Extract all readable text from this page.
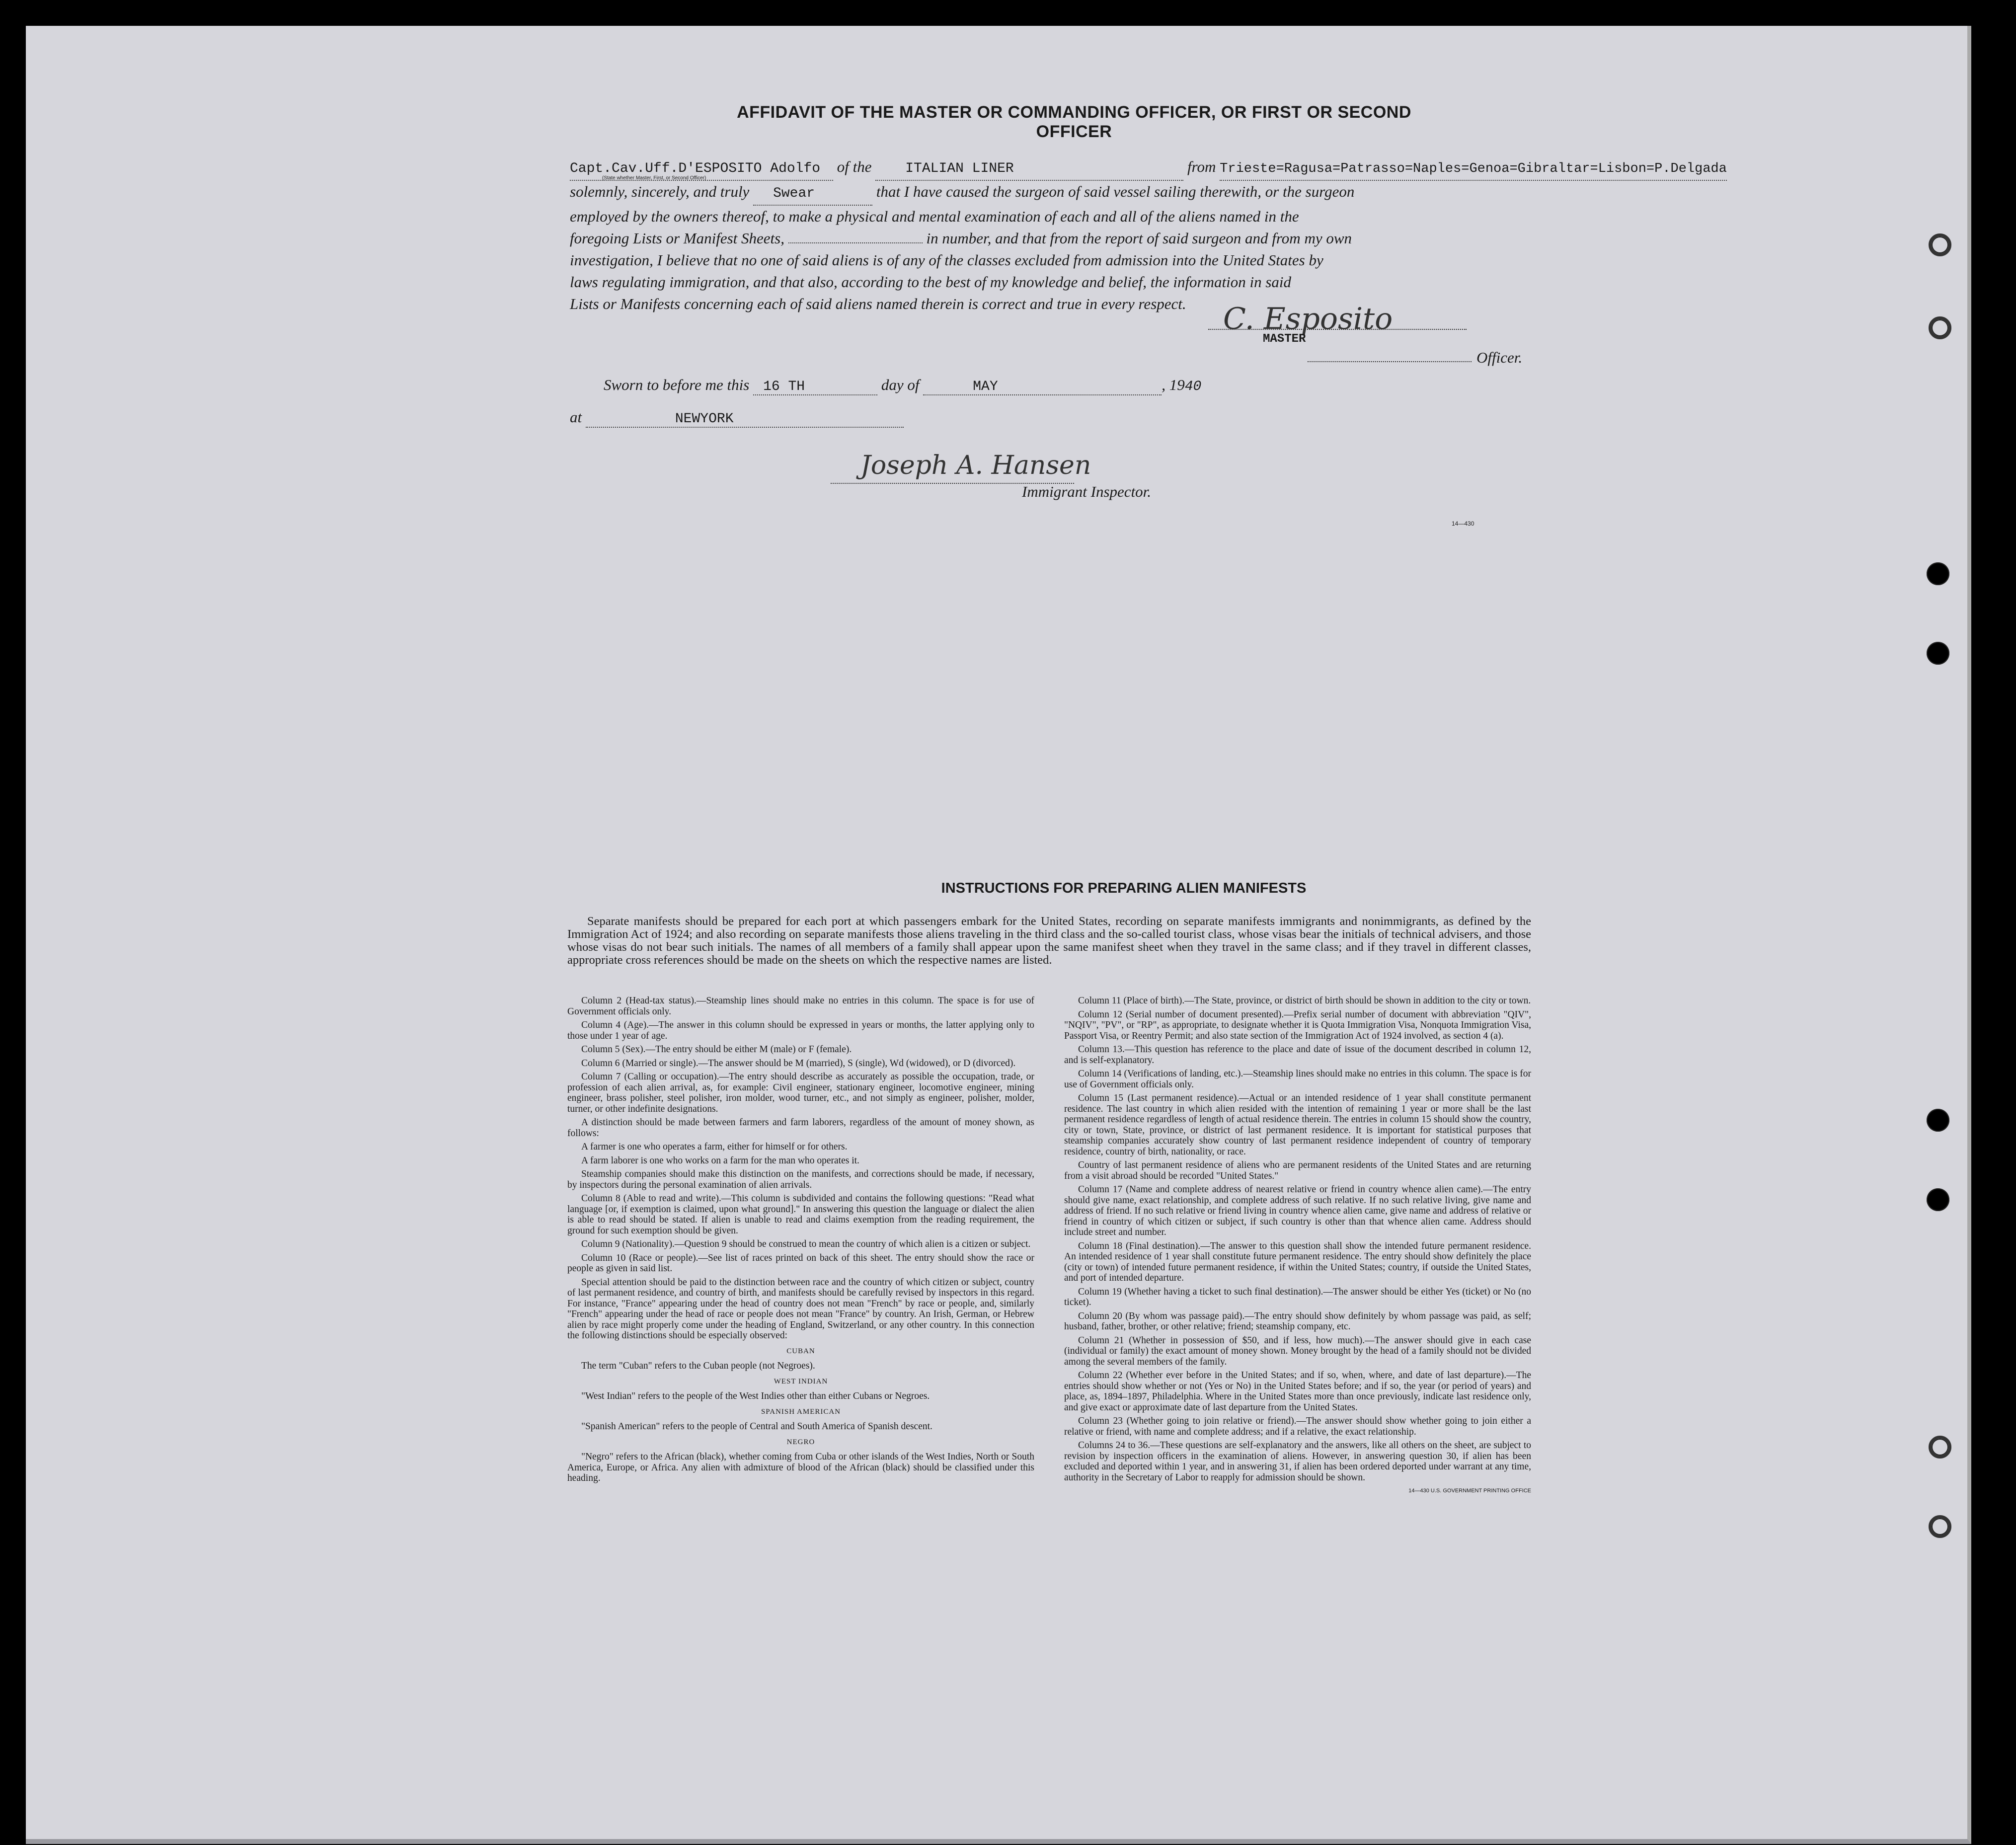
AFFIDAVIT OF THE MASTER OR COMMANDING OFFICER, OR FIRST OR SECOND OFFICER
Capt.Cav.Uff.D'ESPOSITO Adolfo of the ITALIAN LINER	from Trieste=Ragusa=Patrasso=Naples=Genoa=Gibraltar=Lisbon=P.Delgada
solemnly, sincerely, and truly Swear	that I have caused the surgeon of said vessel sailing therewith, or the surgeon
employed by the owners thereof, to make a physical and mental examination of each and all of the aliens named in the
foregoing Lists or Manifest Sheets,	in number, and that from the report of said surgeon and from my own
investigation, I believe that no one of said aliens is of any of the classes excluded from admission into the United States by
laws regulating immigration, and that also, according to the best of my knowledge and belief, the information in said
Lists or Manifests concerning each of said aliens named therein is correct and true in every respect.
(State whether Master, First, or Second Officer)
C. Esposito
MASTER
Officer.
Sworn to before me this 16 TH	day of	MAY	, 1940
at	NEWYORK
Joseph A. Hansen
Immigrant Inspector.
14—430
INSTRUCTIONS FOR PREPARING ALIEN MANIFESTS
Separate manifests should be prepared for each port at which passengers embark for the United States, recording on separate manifests immigrants and nonimmigrants, as defined by the Immigration Act of 1924; and also recording on separate manifests those aliens traveling in the third class and the so-called tourist class, whose visas bear the initials of technical advisers, and those whose visas do not bear such initials. The names of all members of a family shall appear upon the same manifest sheet when they travel in the same class; and if they travel in different classes, appropriate cross references should be made on the sheets on which the respective names are listed.

Column 2 (Head-tax status).—Steamship lines should make no entries in this column. The space is for use of Government officials only.

Column 4 (Age).—The answer in this column should be expressed in years or months, the latter applying only to those under 1 year of age.

Column 5 (Sex).—The entry should be either M (male) or F (female).

Column 6 (Married or single).—The answer should be M (married), S (single), Wd (widowed), or D (divorced).

Column 7 (Calling or occupation).—The entry should describe as accurately as possible the occupation, trade, or profession of each alien arrival, as, for example: Civil engineer, stationary engineer, locomotive engineer, mining engineer, brass polisher, steel polisher, iron molder, wood turner, etc., and not simply as engineer, polisher, molder, turner, or other indefinite designations.

A distinction should be made between farmers and farm laborers, regardless of the amount of money shown, as follows:

A farmer is one who operates a farm, either for himself or for others.

A farm laborer is one who works on a farm for the man who operates it.

Steamship companies should make this distinction on the manifests, and corrections should be made, if necessary, by inspectors during the personal examination of alien arrivals.

Column 8 (Able to read and write).—This column is subdivided and contains the following questions: "Read what language [or, if exemption is claimed, upon what ground]." In answering this question the language or dialect the alien is able to read should be stated. If alien is unable to read and claims exemption from the reading requirement, the ground for such exemption should be given.

Column 9 (Nationality).—Question 9 should be construed to mean the country of which alien is a citizen or subject.

Column 10 (Race or people).—See list of races printed on back of this sheet. The entry should show the race or people as given in said list.

Special attention should be paid to the distinction between race and the country of which citizen or subject, country of last permanent residence, and country of birth, and manifests should be carefully revised by inspectors in this regard. For instance, "France" appearing under the head of country does not mean "French" by race or people, and, similarly "French" appearing under the head of race or people does not mean "France" by country. An Irish, German, or Hebrew alien by race might properly come under the heading of England, Switzerland, or any other country. In this connection the following distinctions should be especially observed:

CUBAN

The term "Cuban" refers to the Cuban people (not Negroes).

WEST INDIAN

"West Indian" refers to the people of the West Indies other than either Cubans or Negroes.

SPANISH AMERICAN

"Spanish American" refers to the people of Central and South America of Spanish descent.

NEGRO

"Negro" refers to the African (black), whether coming from Cuba or other islands of the West Indies, North or South America, Europe, or Africa. Any alien with admixture of blood of the African (black) should be classified under this heading.

Column 11 (Place of birth).—The State, province, or district of birth should be shown in addition to the city or town.

Column 12 (Serial number of document presented).—Prefix serial number of document with abbreviation "QIV", "NQIV", "PV", or "RP", as appropriate, to designate whether it is Quota Immigration Visa, Nonquota Immigration Visa, Passport Visa, or Reentry Permit; and also state section of the Immigration Act of 1924 involved, as section 4 (a).

Column 13.—This question has reference to the place and date of issue of the document described in column 12, and is self-explanatory.

Column 14 (Verifications of landing, etc.).—Steamship lines should make no entries in this column. The space is for use of Government officials only.

Column 15 (Last permanent residence).—Actual or an intended residence of 1 year shall constitute permanent residence. The last country in which alien resided with the intention of remaining 1 year or more shall be the last permanent residence regardless of length of actual residence therein. The entries in column 15 should show the country, city or town, State, province, or district of last permanent residence. It is important for statistical purposes that steamship companies accurately show country of last permanent residence independent of country of temporary residence, country of birth, nationality, or race.

Country of last permanent residence of aliens who are permanent residents of the United States and are returning from a visit abroad should be recorded "United States."

Column 17 (Name and complete address of nearest relative or friend in country whence alien came).—The entry should give name, exact relationship, and complete address of such relative. If no such relative living, give name and address of friend. If no such relative or friend living in country whence alien came, give name and address of relative or friend in country of which citizen or subject, if such country is other than that whence alien came. Address should include street and number.

Column 18 (Final destination).—The answer to this question shall show the intended future permanent residence. An intended residence of 1 year shall constitute future permanent residence. The entry should show definitely the place (city or town) of intended future permanent residence, if within the United States; country, if outside the United States, and port of intended departure.

Column 19 (Whether having a ticket to such final destination).—The answer should be either Yes (ticket) or No (no ticket).

Column 20 (By whom was passage paid).—The entry should show definitely by whom passage was paid, as self; husband, father, brother, or other relative; friend; steamship company, etc.

Column 21 (Whether in possession of $50, and if less, how much).—The answer should give in each case (individual or family) the exact amount of money shown. Money brought by the head of a family should not be divided among the several members of the family.

Column 22 (Whether ever before in the United States; and if so, when, where, and date of last departure).—The entries should show whether or not (Yes or No) in the United States before; and if so, the year (or period of years) and place, as, 1894–1897, Philadelphia. Where in the United States more than once previously, indicate last residence only, and give exact or approximate date of last departure from the United States.

Column 23 (Whether going to join relative or friend).—The answer should show whether going to join either a relative or friend, with name and complete address; and if a relative, the exact relationship.

Columns 24 to 36.—These questions are self-explanatory and the answers, like all others on the sheet, are subject to revision by inspection officers in the examination of aliens. However, in answering question 30, if alien has been excluded and deported within 1 year, and in answering 31, if alien has been ordered deported under warrant at any time, authority in the Secretary of Labor to reapply for admission should be shown.

14—430 U.S. GOVERNMENT PRINTING OFFICE
